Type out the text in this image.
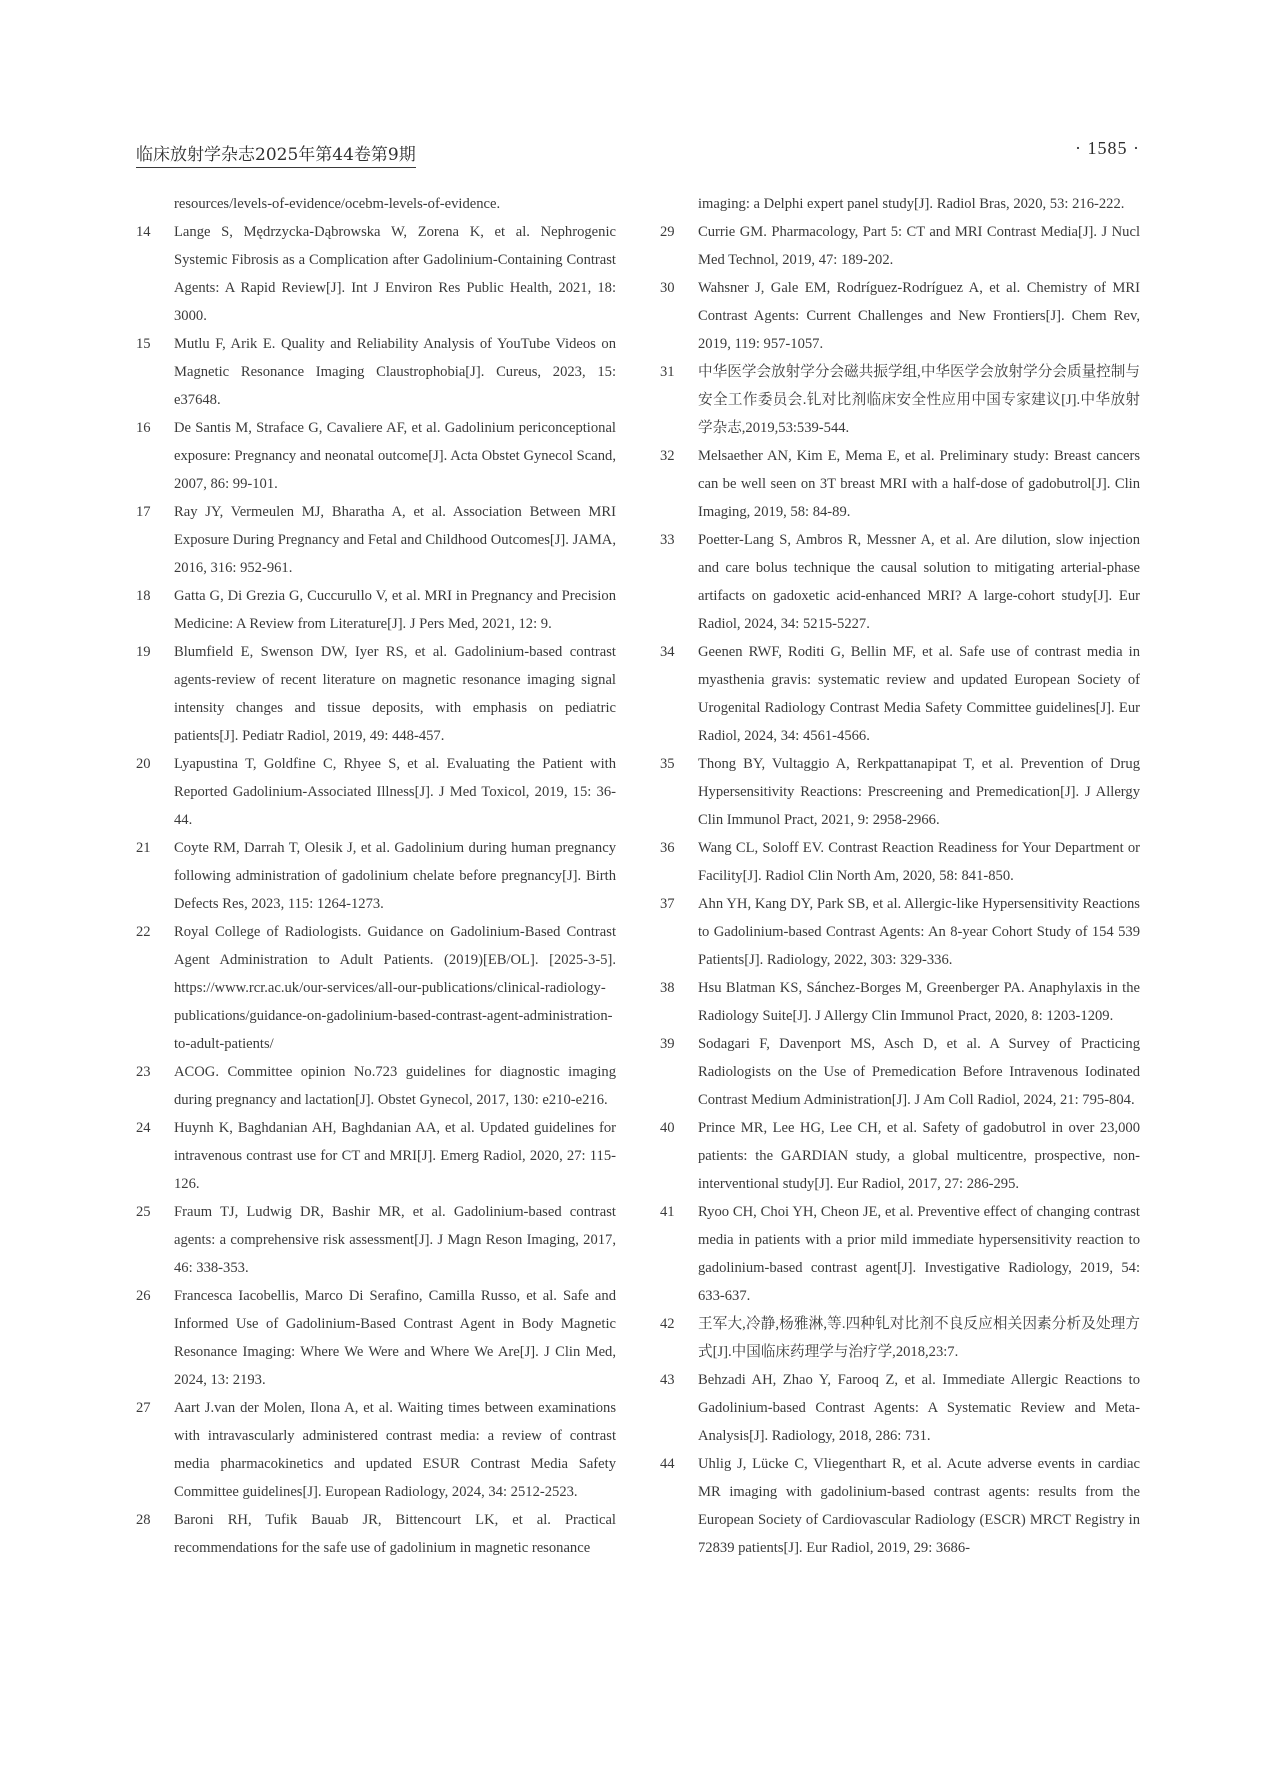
临床放射学杂志2025年第44卷第9期	· 1585 ·
resources/levels-of-evidence/ocebm-levels-of-evidence.
14	Lange S, Mędrzycka-Dąbrowska W, Zorena K, et al. Nephrogenic Systemic Fibrosis as a Complication after Gadolinium-Containing Contrast Agents: A Rapid Review[J]. Int J Environ Res Public Health, 2021, 18: 3000.
15	Mutlu F, Arik E. Quality and Reliability Analysis of YouTube Videos on Magnetic Resonance Imaging Claustrophobia[J]. Cureus, 2023, 15: e37648.
16	De Santis M, Straface G, Cavaliere AF, et al. Gadolinium periconceptional exposure: Pregnancy and neonatal outcome[J]. Acta Obstet Gynecol Scand, 2007, 86: 99-101.
17	Ray JY, Vermeulen MJ, Bharatha A, et al. Association Between MRI Exposure During Pregnancy and Fetal and Childhood Outcomes[J]. JAMA, 2016, 316: 952-961.
18	Gatta G, Di Grezia G, Cuccurullo V, et al. MRI in Pregnancy and Precision Medicine: A Review from Literature[J]. J Pers Med, 2021, 12: 9.
19	Blumfield E, Swenson DW, Iyer RS, et al. Gadolinium-based contrast agents-review of recent literature on magnetic resonance imaging signal intensity changes and tissue deposits, with emphasis on pediatric patients[J]. Pediatr Radiol, 2019, 49: 448-457.
20	Lyapustina T, Goldfine C, Rhyee S, et al. Evaluating the Patient with Reported Gadolinium-Associated Illness[J]. J Med Toxicol, 2019, 15: 36-44.
21	Coyte RM, Darrah T, Olesik J, et al. Gadolinium during human pregnancy following administration of gadolinium chelate before pregnancy[J]. Birth Defects Res, 2023, 115: 1264-1273.
22	Royal College of Radiologists. Guidance on Gadolinium-Based Contrast Agent Administration to Adult Patients. (2019)[EB/OL]. [2025-3-5]. https://www.rcr.ac.uk/our-services/all-our-publications/clinical-radiology-publications/guidance-on-gadolinium-based-contrast-agent-administration-to-adult-patients/
23	ACOG. Committee opinion No.723 guidelines for diagnostic imaging during pregnancy and lactation[J]. Obstet Gynecol, 2017, 130: e210-e216.
24	Huynh K, Baghdanian AH, Baghdanian AA, et al. Updated guidelines for intravenous contrast use for CT and MRI[J]. Emerg Radiol, 2020, 27: 115-126.
25	Fraum TJ, Ludwig DR, Bashir MR, et al. Gadolinium-based contrast agents: a comprehensive risk assessment[J]. J Magn Reson Imaging, 2017, 46: 338-353.
26	Francesca Iacobellis, Marco Di Serafino, Camilla Russo, et al. Safe and Informed Use of Gadolinium-Based Contrast Agent in Body Magnetic Resonance Imaging: Where We Were and Where We Are[J]. J Clin Med, 2024, 13: 2193.
27	Aart J.van der Molen, Ilona A, et al. Waiting times between examinations with intravascularly administered contrast media: a review of contrast media pharmacokinetics and updated ESUR Contrast Media Safety Committee guidelines[J]. European Radiology, 2024, 34: 2512-2523.
28	Baroni RH, Tufik Bauab JR, Bittencourt LK, et al. Practical recommendations for the safe use of gadolinium in magnetic resonance
imaging: a Delphi expert panel study[J]. Radiol Bras, 2020, 53: 216-222.
29	Currie GM. Pharmacology, Part 5: CT and MRI Contrast Media[J]. J Nucl Med Technol, 2019, 47: 189-202.
30	Wahsner J, Gale EM, Rodríguez-Rodríguez A, et al. Chemistry of MRI Contrast Agents: Current Challenges and New Frontiers[J]. Chem Rev, 2019, 119: 957-1057.
31	中华医学会放射学分会磁共振学组,中华医学会放射学分会质量控制与安全工作委员会.钆对比剂临床安全性应用中国专家建议[J].中华放射学杂志,2019,53:539-544.
32	Melsaether AN, Kim E, Mema E, et al. Preliminary study: Breast cancers can be well seen on 3T breast MRI with a half-dose of gadobutrol[J]. Clin Imaging, 2019, 58: 84-89.
33	Poetter-Lang S, Ambros R, Messner A, et al. Are dilution, slow injection and care bolus technique the causal solution to mitigating arterial-phase artifacts on gadoxetic acid-enhanced MRI? A large-cohort study[J]. Eur Radiol, 2024, 34: 5215-5227.
34	Geenen RWF, Roditi G, Bellin MF, et al. Safe use of contrast media in myasthenia gravis: systematic review and updated European Society of Urogenital Radiology Contrast Media Safety Committee guidelines[J]. Eur Radiol, 2024, 34: 4561-4566.
35	Thong BY, Vultaggio A, Rerkpattanapipat T, et al. Prevention of Drug Hypersensitivity Reactions: Prescreening and Premedication[J]. J Allergy Clin Immunol Pract, 2021, 9: 2958-2966.
36	Wang CL, Soloff EV. Contrast Reaction Readiness for Your Department or Facility[J]. Radiol Clin North Am, 2020, 58: 841-850.
37	Ahn YH, Kang DY, Park SB, et al. Allergic-like Hypersensitivity Reactions to Gadolinium-based Contrast Agents: An 8-year Cohort Study of 154 539 Patients[J]. Radiology, 2022, 303: 329-336.
38	Hsu Blatman KS, Sánchez-Borges M, Greenberger PA. Anaphylaxis in the Radiology Suite[J]. J Allergy Clin Immunol Pract, 2020, 8: 1203-1209.
39	Sodagari F, Davenport MS, Asch D, et al. A Survey of Practicing Radiologists on the Use of Premedication Before Intravenous Iodinated Contrast Medium Administration[J]. J Am Coll Radiol, 2024, 21: 795-804.
40	Prince MR, Lee HG, Lee CH, et al. Safety of gadobutrol in over 23,000 patients: the GARDIAN study, a global multicentre, prospective, non-interventional study[J]. Eur Radiol, 2017, 27: 286-295.
41	Ryoo CH, Choi YH, Cheon JE, et al. Preventive effect of changing contrast media in patients with a prior mild immediate hypersensitivity reaction to gadolinium-based contrast agent[J]. Investigative Radiology, 2019, 54: 633-637.
42	王军大,冷静,杨雅淋,等.四种钆对比剂不良反应相关因素分析及处理方式[J].中国临床药理学与治疗学,2018,23:7.
43	Behzadi AH, Zhao Y, Farooq Z, et al. Immediate Allergic Reactions to Gadolinium-based Contrast Agents: A Systematic Review and Meta-Analysis[J]. Radiology, 2018, 286: 731.
44	Uhlig J, Lücke C, Vliegenthart R, et al. Acute adverse events in cardiac MR imaging with gadolinium-based contrast agents: results from the European Society of Cardiovascular Radiology (ESCR) MRCT Registry in 72839 patients[J]. Eur Radiol, 2019, 29: 3686-
